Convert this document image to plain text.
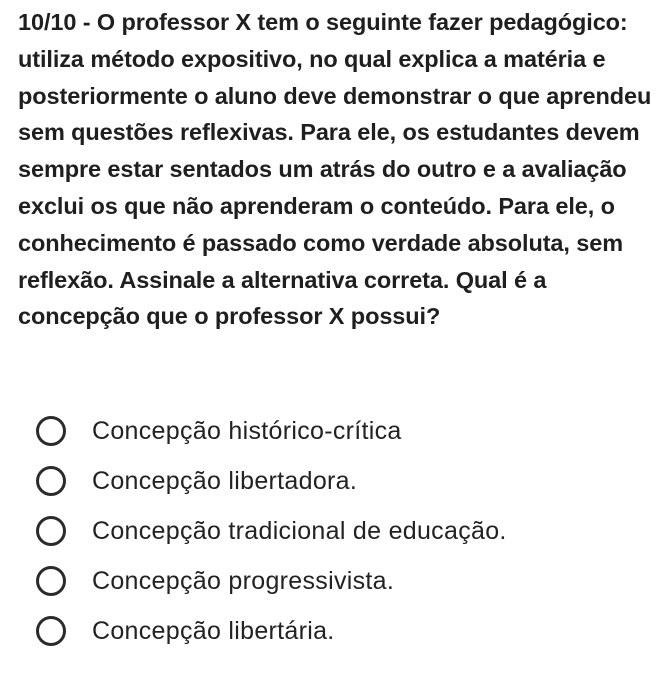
10/10 - O professor X tem o seguinte fazer pedagógico: utiliza método expositivo, no qual explica a matéria e posteriormente o aluno deve demonstrar o que aprendeu sem questões reflexivas. Para ele, os estudantes devem sempre estar sentados um atrás do outro e a avaliação exclui os que não aprenderam o conteúdo. Para ele, o conhecimento é passado como verdade absoluta, sem reflexão. Assinale a alternativa correta. Qual é a concepção que o professor X possui?
Concepção histórico-crítica
Concepção libertadora.
Concepção tradicional de educação.
Concepção progressivista.
Concepção libertária.
